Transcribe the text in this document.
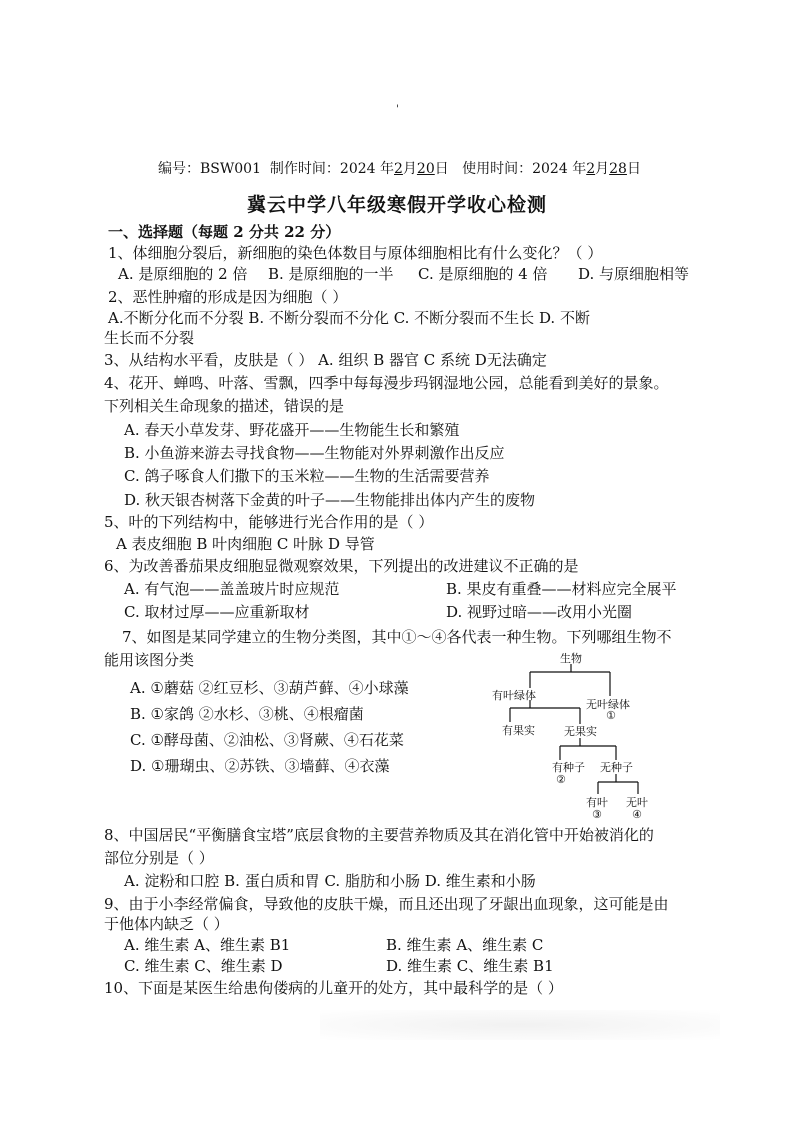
'
编号：BSW001 制作时间：2024 年2月20日 使用时间：2024 年2月28日
冀云中学八年级寒假开学收心检测
一、选择题（每题 2 分共 22 分）
1、体细胞分裂后，新细胞的染色体数目与原体细胞相比有什么变化？（ ）
A. 是原细胞的 2 倍 B. 是原细胞的一半 C. 是原细胞的 4 倍 D. 与原细胞相等
2、恶性肿瘤的形成是因为细胞（ ）
A.不断分化而不分裂 B. 不断分裂而不分化 C. 不断分裂而不生长 D. 不断
生长而不分裂
3、从结构水平看，皮肤是（ ） A. 组织 B 器官 C 系统 D无法确定
4、花开、蝉鸣、叶落、雪飘，四季中每每漫步玛钢湿地公园，总能看到美好的景象。
下列相关生命现象的描述，错误的是
A. 春天小草发芽、野花盛开——生物能生长和繁殖
B. 小鱼游来游去寻找食物——生物能对外界刺激作出反应
C. 鸽子啄食人们撒下的玉米粒——生物的生活需要营养
D. 秋天银杏树落下金黄的叶子——生物能排出体内产生的废物
5、叶的下列结构中，能够进行光合作用的是（ ）
A 表皮细胞 B 叶肉细胞 C 叶脉 D 导管
6、为改善番茄果皮细胞显微观察效果，下列提出的改进建议不正确的是
A. 有气泡——盖盖玻片时应规范	B. 果皮有重叠——材料应完全展平
C. 取材过厚——应重新取材	D. 视野过暗——改用小光圈
7、如图是某同学建立的生物分类图，其中①～④各代表一种生物。下列哪组生物不
能用该图分类
A. ①蘑菇 ②红豆杉、③葫芦藓、④小球藻
B. ①家鸽 ②水杉、③桃、④根瘤菌
C. ①酵母菌、②油松、③肾蕨、④石花菜
D. ①珊瑚虫、②苏铁、③墙藓、④衣藻
生物
有叶绿体
无叶绿体
①
有果实	无果实
有种子
②
无种子
有叶
③
无叶
④
8、中国居民“平衡膳食宝塔”底层食物的主要营养物质及其在消化管中开始被消化的
部位分别是（ ）
A. 淀粉和口腔 B. 蛋白质和胃 C. 脂肪和小肠 D. 维生素和小肠
9、由于小李经常偏食，导致他的皮肤干燥，而且还出现了牙龈出血现象，这可能是由
于他体内缺乏（ ）
A. 维生素 A、维生素 B1	B. 维生素 A、维生素 C
C. 维生素 C、维生素 D	D. 维生素 C、维生素 B1
10、下面是某医生给患佝偻病的儿童开的处方，其中最科学的是（ ）
